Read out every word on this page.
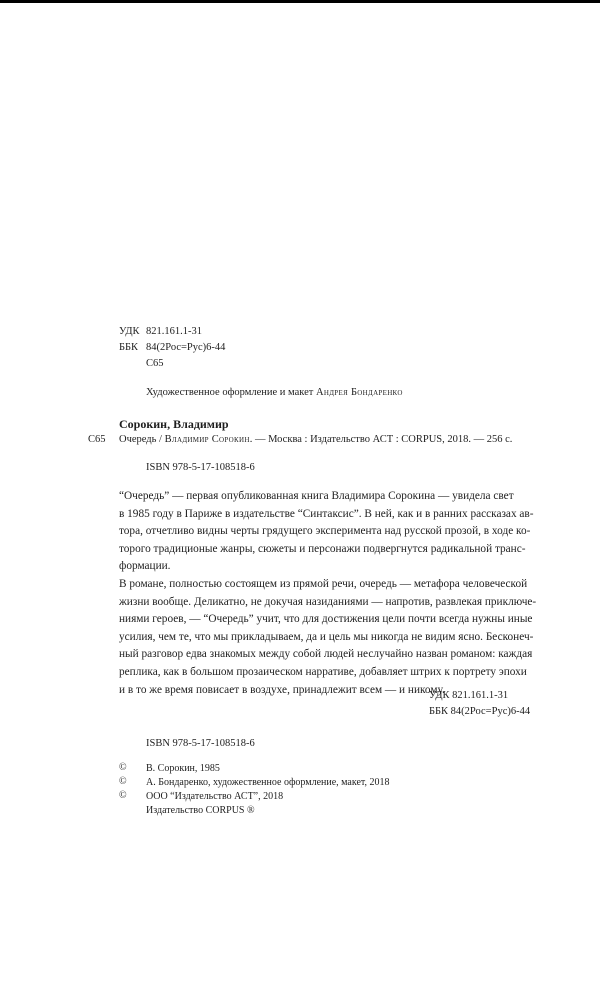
УДК 821.161.1-31
ББК 84(2Рос=Рус)6-44
С65
Художественное оформление и макет Андрея Бондаренко
Сорокин, Владимир
С65 Очередь / Владимир Сорокин. — Москва : Издательство АСТ : CORPUS, 2018. — 256 с.
ISBN 978-5-17-108518-6
“Очередь” — первая опубликованная книга Владимира Сорокина — увидела свет
в 1985 году в Париже в издательстве “Синтаксис”. В ней, как и в ранних рассказах ав-
тора, отчетливо видны черты грядущего эксперимента над русской прозой, в ходе ко-
торого традиционые жанры, сюжеты и персонажи подвергнутся радикальной транс-
формации.
В романе, полностью состоящем из прямой речи, очередь — метафора человеческой
жизни вообще. Деликатно, не докучая назиданиями — напротив, развлекая приключе-
ниями героев, — “Очередь” учит, что для достижения цели почти всегда нужны иные
усилия, чем те, что мы прикладываем, да и цель мы никогда не видим ясно. Бесконеч-
ный разговор едва знакомых между собой людей неслучайно назван романом: каждая
реплика, как в большом прозаическом нарративе, добавляет штрих к портрету эпохи
и в то же время повисает в воздухе, принадлежит всем — и никому.
УДК 821.161.1-31
ББК 84(2Рос=Рус)6-44
ISBN 978-5-17-108518-6
© В. Сорокин, 1985
© А. Бондаренко, художественное оформление, макет, 2018
© ООО “Издательство АСТ”, 2018
Издательство CORPUS ®
